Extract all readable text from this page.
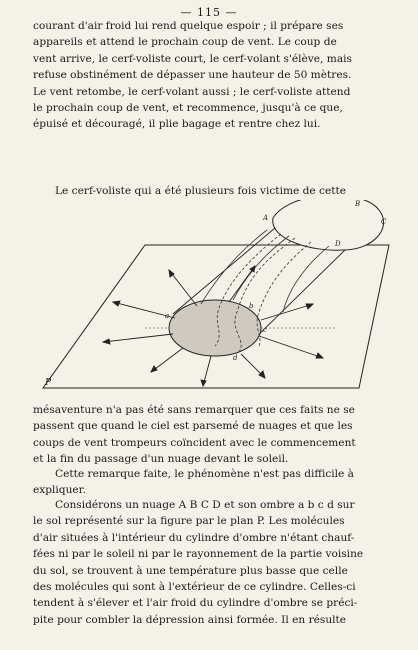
— 115 —

courant d'air froid lui rend quelque espoir ; il prépare ses
appareils et attend le prochain coup de vent. Le coup de
vent arrive, le cerf-voliste court, le cerf-volant s'élève, mais
refuse obstinément de dépasser une hauteur de 50 mètres.
Le vent retombe, le cerf-volant aussi ; le cerf-voliste attend
le prochain coup de vent, et recommence, jusqu'à ce que,
épuisé et découragé, il plie bagage et rentre chez lui.

Le cerf-voliste qui a été plusieurs fois victime de cette

P
B
A
D
C
a
b
c
d

mésaventure n'a pas été sans remarquer que ces faits ne se
passent que quand le ciel est parsemé de nuages et que les
coups de vent trompeurs coïncident avec le commencement
et la fin du passage d'un nuage devant le soleil.

Cette remarque faite, le phénomène n'est pas difficile à
expliquer.

Considérons un nuage A B C D et son ombre a b c d sur
le sol représenté sur la figure par le plan P. Les molécules
d'air situées à l'intérieur du cylindre d'ombre n'étant chauf-
fées ni par le soleil ni par le rayonnement de la partie voisine
du sol, se trouvent à une température plus basse que celle
des molécules qui sont à l'extérieur de ce cylindre. Celles-ci
tendent à s'élever et l'air froid du cylindre d'ombre se préci-
pite pour combler la dépression ainsi formée. Il en résulte
